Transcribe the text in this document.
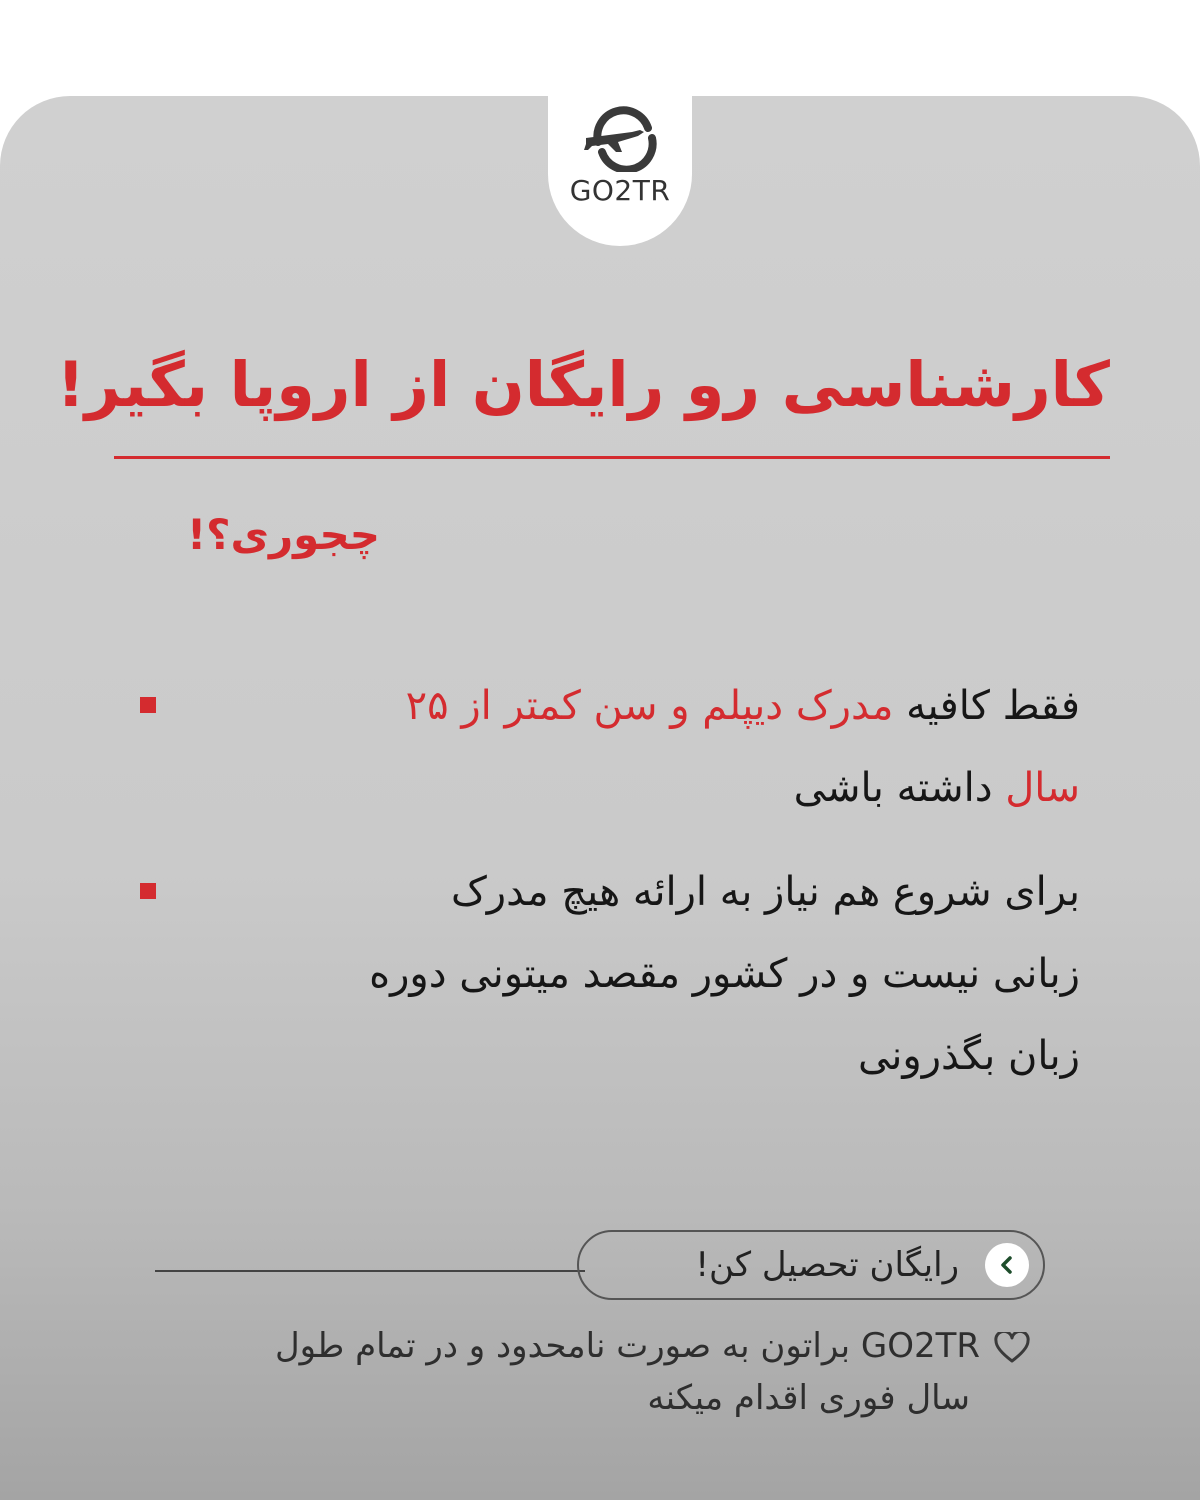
GO2TR
کارشناسی رو رایگان از اروپا بگیر!
چجوری؟!
فقط کافیه مدرک دیپلم و سن کمتر از ۲۵
سال داشته باشی
برای شروع هم نیاز به ارائه هیچ مدرک
زبانی نیست و در کشور مقصد میتونی دوره
زبان بگذرونی
رایگان تحصیل کن!
GO2TR براتون به صورت نامحدود و در تمام طول
سال فوری اقدام میکنه
